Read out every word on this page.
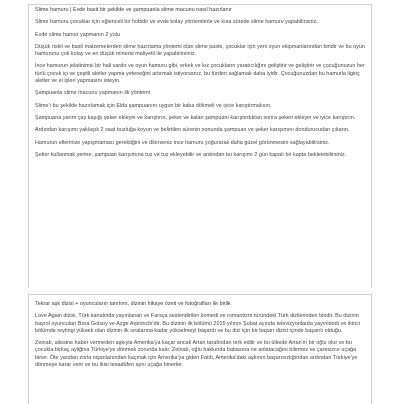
Slime hamuru | Evde basit bir şekilde ve şampuanla slime macunu nasıl hazırlanır

Slime hamuru çocuklar için eğlenceli bir hobidir ve evde kolay yöntemlerle ve kısa sürede slime hamuru yapabilirsiniz.

Evde slime hamur yapmanın 2 yolu

Düşük riskli ve basit malzemelerden slime hazırlama yöntemi olan slime paste, çocuklar için yeni oyun ekipmanlarından biridir ve bu oyun hamurunu çok kolay ve en düşük mineral maliyetli ile yapabilirsiniz.

İnce hamurun jelatinimsi bir hali vardır ve oyun hamuru gibi, erkek ve kız çocukların yaratıcılığını geliştirir ve geliştirir ve çocuğunuzun her türlü çocuk içi ve çeşitli aletler yapma yeteneğini artırmak istiyorsanız, bu türden sağlamak daha iyidir. Çocuğunuzdan bu hamurla ilginç aletler ve el işleri yapmasını isteyin.

Şampuanla slime macunu yapmanın ilk yöntemi

Slime'ı bu şekilde hazırlamak için Elda şampuanını uygun bir kaba dökmeli ve iyice karıştırmalısın.

Şampuana yarım çay kaşığı şeker ekleyin ve karıştırın, şeker ve kalan şampuanı karıştırdıktan sonra şekeri ekleyin ve iyice karıştırın.

Ardından karışımı yaklaşık 2 saat buzluğa koyun ve belirtilen sürenin sonunda şampuan ve şeker karışımını dondurucudan çıkarın.

Hamurun ellerinize yapışmaması gerektiğini ve dilerseniz ince hamuru yoğurarak daha güzel görünmesini sağlayabilirsiniz.

Şeker kullanmak yerine, şampuan karışımına tuz ve tuz ekleyebilir ve ardından bu karışımı 2 gün kapalı bir kapta bekletebilirsiniz.

Tekrar aşk dizisi + oyuncuların tanıtımı, dizinin hikaye özeti ve fotoğrafları ile birlik

Love Again dizisi, Türk kanalında yayınlanan ve Farsça seslendirilen komedi ve romantizm türündeki Türk dizilerinden biridir. Bu dizinin başrol oyuncuları Bora Golsoy ve Azge Arpirinchi'dir. Bu dizinin ilk bölümü 2015 yılının Şubat ayında televizyonlarda yayınlandı ve ikinci bölümde reytingi yüksek olan dizinin ilk sıralarına kadar yükselmeyi başardı ve bu dizi için bir başarı dizisi içinde başarılı olduğu.

Zeinab, ailesine haber vermeden aşkıyla Amerika'ya kaçar ancak Artan tarafından terk edilir ve bu ülkede Artan'ın bir oğlu olur ve bu çocukla birkaç ayliğina Türkiye'ye dönmek zorunda kalır. Zeinab, oğlu hakkında babasına ne anlatacağını bilemez ve çaresizce uçağa biner. Öte yandan zorla nişanlanından kaçmak için Amerika'ya giden Fatih, Amerika'daki aşkının başarısızlığından ardından Türkiye'ye dönmeye karar verir ve bu ikisi tesadüfen aynı uçağa binerler.
